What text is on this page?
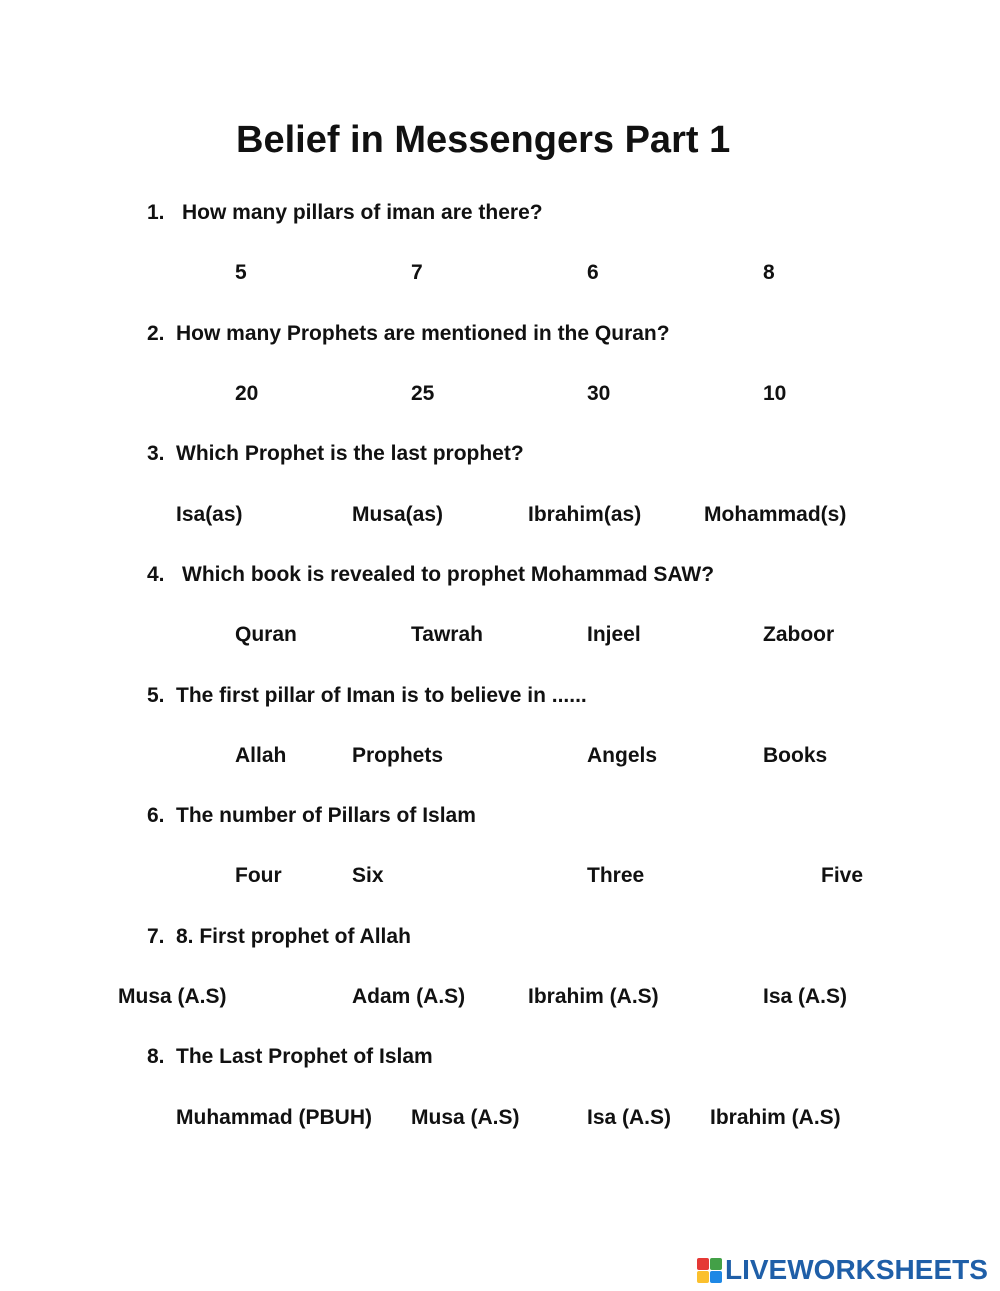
Belief in Messengers Part 1
1. How many pillars of iman are there?
5	7	6	8
2. How many Prophets are mentioned in the Quran?
20	25	30	10
3. Which Prophet is the last prophet?
Isa(as)	Musa(as)	Ibrahim(as)	Mohammad(s)
4. Which book is revealed to prophet Mohammad SAW?
Quran	Tawrah	Injeel	Zaboor
5. The first pillar of Iman is to believe in ......
Allah	Prophets	Angels	Books
6. The number of Pillars of Islam
Four	Six	Three	Five
7. 8. First prophet of Allah
Musa (A.S)	Adam (A.S)	Ibrahim (A.S)	Isa (A.S)
8. The Last Prophet of Islam
Muhammad (PBUH) Musa (A.S)	Isa (A.S) Ibrahim (A.S)
LIVEWORKSHEETS
